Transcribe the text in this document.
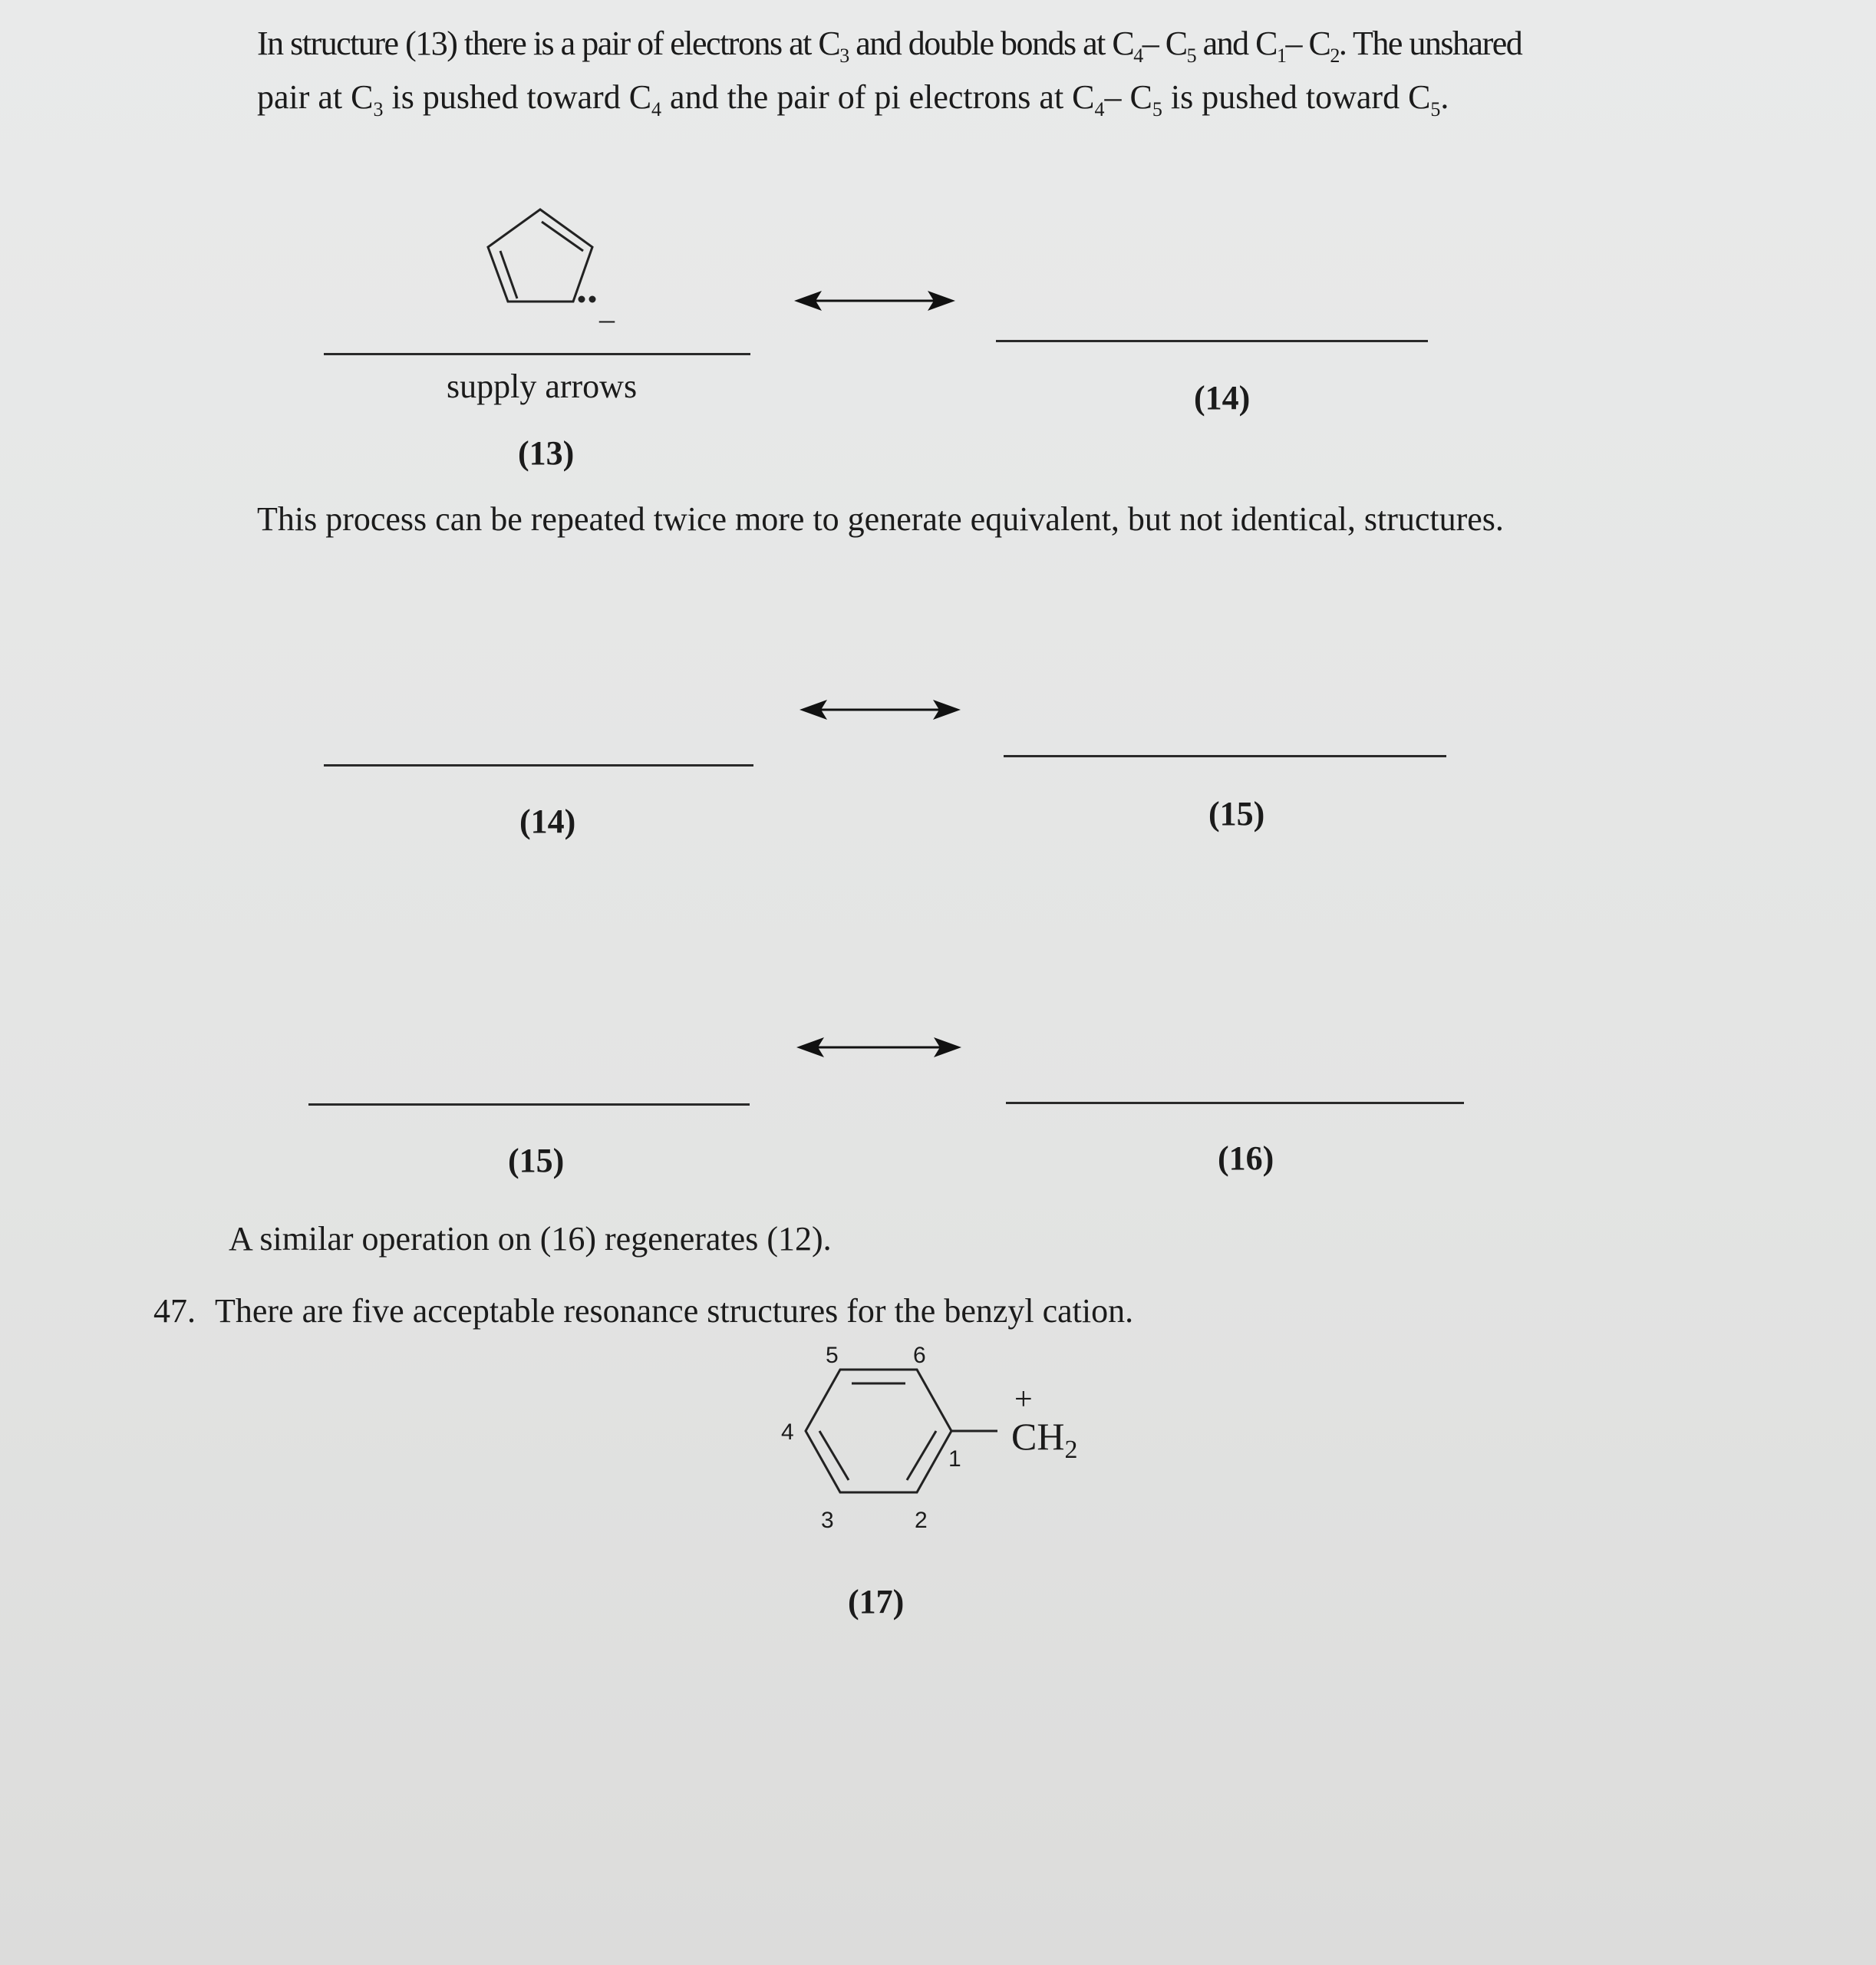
In structure (13) there is a pair of electrons at $C_3$ and double bonds at $C_4-$ $C_5$ and $C_1-$ $C_2$. The unshared
pair at $C_3$ is pushed toward $C_4$ and the pair of pi electrons at $C_4-$ $C_5$ is pushed toward $C_5$.
–
supply arrows
(13)
(14)
This process can be repeated twice more to generate equivalent, but not identical, structures.
(14)	(15)
(15)	(16)
A similar operation on (16) regenerates (12).
47. There are five acceptable resonance structures for the benzyl cation.
5	6
4
1
3	2
+
$CH_2$
(17)
